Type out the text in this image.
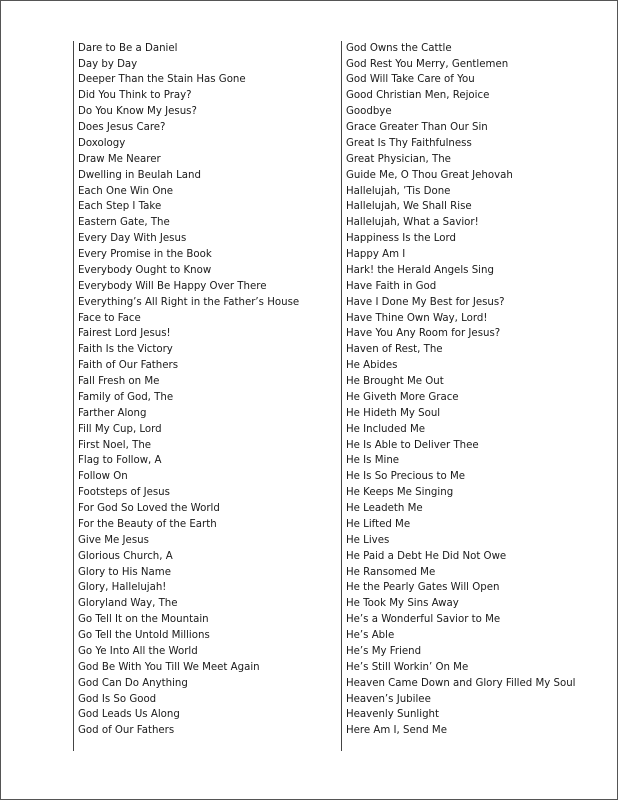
Dare to Be a Daniel
Day by Day
Deeper Than the Stain Has Gone
Did You Think to Pray?
Do You Know My Jesus?
Does Jesus Care?
Doxology
Draw Me Nearer
Dwelling in Beulah Land
Each One Win One
Each Step I Take
Eastern Gate, The
Every Day With Jesus
Every Promise in the Book
Everybody Ought to Know
Everybody Will Be Happy Over There
Everything’s All Right in the Father’s House
Face to Face
Fairest Lord Jesus!
Faith Is the Victory
Faith of Our Fathers
Fall Fresh on Me
Family of God, The
Farther Along
Fill My Cup, Lord
First Noel, The
Flag to Follow, A
Follow On
Footsteps of Jesus
For God So Loved the World
For the Beauty of the Earth
Give Me Jesus
Glorious Church, A
Glory to His Name
Glory, Hallelujah!
Gloryland Way, The
Go Tell It on the Mountain
Go Tell the Untold Millions
Go Ye Into All the World
God Be With You Till We Meet Again
God Can Do Anything
God Is So Good
God Leads Us Along
God of Our Fathers
God Owns the Cattle
God Rest You Merry, Gentlemen
God Will Take Care of You
Good Christian Men, Rejoice
Goodbye
Grace Greater Than Our Sin
Great Is Thy Faithfulness
Great Physician, The
Guide Me, O Thou Great Jehovah
Hallelujah, ’Tis Done
Hallelujah, We Shall Rise
Hallelujah, What a Savior!
Happiness Is the Lord
Happy Am I
Hark! the Herald Angels Sing
Have Faith in God
Have I Done My Best for Jesus?
Have Thine Own Way, Lord!
Have You Any Room for Jesus?
Haven of Rest, The
He Abides
He Brought Me Out
He Giveth More Grace
He Hideth My Soul
He Included Me
He Is Able to Deliver Thee
He Is Mine
He Is So Precious to Me
He Keeps Me Singing
He Leadeth Me
He Lifted Me
He Lives
He Paid a Debt He Did Not Owe
He Ransomed Me
He the Pearly Gates Will Open
He Took My Sins Away
He’s a Wonderful Savior to Me
He’s Able
He’s My Friend
He’s Still Workin’ On Me
Heaven Came Down and Glory Filled My Soul
Heaven’s Jubilee
Heavenly Sunlight
Here Am I, Send Me
